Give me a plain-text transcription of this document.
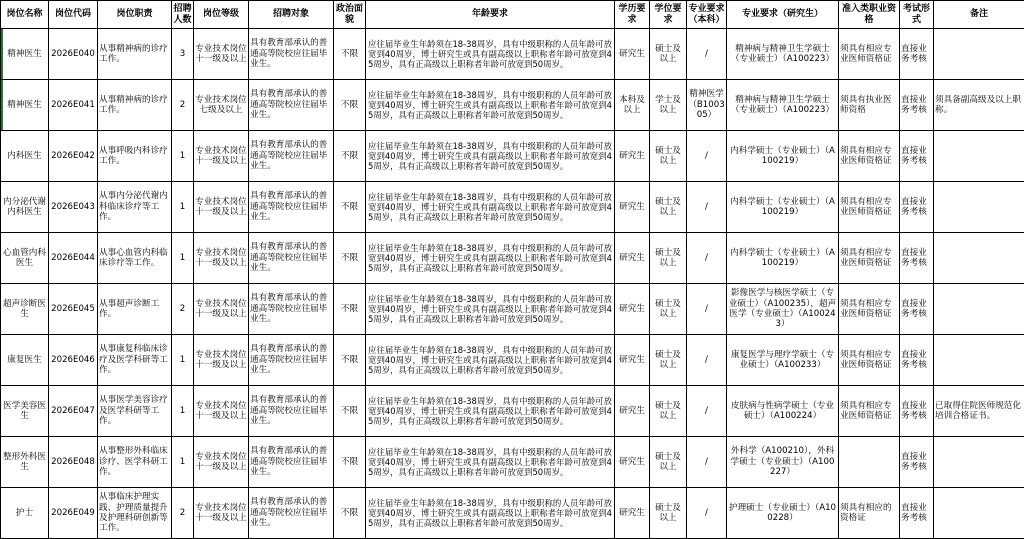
岗位名称	岗位代码	岗位职责	招聘人数	岗位等级	招聘对象	政治面貌	年龄要求	学历要求	学位要求	专业要求（本科）	专业要求（研究生）	准入类职业资格	考试形式	备注
精神医生	2026E040	从事精神病的诊疗工作。	3	专业技术岗位十一级及以上	具有教育部承认的普通高等院校应往届毕业生。	不限	应往届毕业生年龄须在18-38周岁，具有中级职称的人员年龄可放宽到40周岁，博士研究生或具有副高级以上职称者年龄可放宽到45周岁，具有正高级以上职称者年龄可放宽到50周岁。	研究生	硕士及以上	/	精神病与精神卫生学硕士（专业硕士）（A100223）	须具有相应专业医师资格证	直接业务考核	
精神医生	2026E041	从事精神病的诊疗工作。	2	专业技术岗位七级及以上	具有教育部承认的普通高等院校应往届毕业生。	不限	应往届毕业生年龄须在18-38周岁，具有中级职称的人员年龄可放宽到40周岁，博士研究生或具有副高级以上职称者年龄可放宽到45周岁，具有正高级以上职称者年龄可放宽到50周岁。	本科及以上	学士及以上	精神医学（B100305）	精神病与精神卫生学硕士（专业硕士）（A100223）	须具有执业医师资格	直接业务考核	须具备副高级及以上职称。
内科医生	2026E042	从事呼吸内科诊疗工作。	1	专业技术岗位十一级及以上	具有教育部承认的普通高等院校应往届毕业生。	不限	应往届毕业生年龄须在18-38周岁，具有中级职称的人员年龄可放宽到40周岁，博士研究生或具有副高级以上职称者年龄可放宽到45周岁，具有正高级以上职称者年龄可放宽到50周岁。	研究生	硕士及以上	/	内科学硕士（专业硕士）（A100219）	须具有相应专业医师资格证	直接业务考核	
内分泌代谢内科医生	2026E043	从事内分泌代谢内科临床诊疗等工作。	1	专业技术岗位十一级及以上	具有教育部承认的普通高等院校应往届毕业生。	不限	应往届毕业生年龄须在18-38周岁，具有中级职称的人员年龄可放宽到40周岁，博士研究生或具有副高级以上职称者年龄可放宽到45周岁，具有正高级以上职称者年龄可放宽到50周岁。	研究生	硕士及以上	/	内科学硕士（专业硕士）（A100219）	须具有相应专业医师资格证	直接业务考核	
心血管内科医生	2026E044	从事心血管内科临床诊疗等工作。	1	专业技术岗位十一级及以上	具有教育部承认的普通高等院校应往届毕业生。	不限	应往届毕业生年龄须在18-38周岁，具有中级职称的人员年龄可放宽到40周岁，博士研究生或具有副高级以上职称者年龄可放宽到45周岁，具有正高级以上职称者年龄可放宽到50周岁。	研究生	硕士及以上	/	内科学硕士（专业硕士）（A100219）	须具有相应专业医师资格证	直接业务考核	
超声诊断医生	2026E045	从事超声诊断工作。	2	专业技术岗位十一级及以上	具有教育部承认的普通高等院校应往届毕业生。	不限	应往届毕业生年龄须在18-38周岁，具有中级职称的人员年龄可放宽到40周岁，博士研究生或具有副高级以上职称者年龄可放宽到45周岁，具有正高级以上职称者年龄可放宽到50周岁。	研究生	硕士及以上	/	影像医学与核医学硕士（专业硕士）（A100235），超声医学（专业硕士）（A100243）	须具有相应专业医师资格证	直接业务考核	
康复医生	2026E046	从事康复科临床诊疗及医学科研等工作。	1	专业技术岗位十一级及以上	具有教育部承认的普通高等院校应往届毕业生。	不限	应往届毕业生年龄须在18-38周岁，具有中级职称的人员年龄可放宽到40周岁，博士研究生或具有副高级以上职称者年龄可放宽到45周岁，具有正高级以上职称者年龄可放宽到50周岁。	研究生	硕士及以上	/	康复医学与理疗学硕士（专业硕士）（A100233）	须具有相应专业医师资格证	直接业务考核	
医学美容医生	2026E047	从事医学美容诊疗及医学科研等工作。	1	专业技术岗位十一级及以上	具有教育部承认的普通高等院校应往届毕业生。	不限	应往届毕业生年龄须在18-38周岁，具有中级职称的人员年龄可放宽到40周岁，博士研究生或具有副高级以上职称者年龄可放宽到45周岁，具有正高级以上职称者年龄可放宽到50周岁。	研究生	硕士及以上	/	皮肤病与性病学硕士（专业硕士）（A100224）	须具有相应专业医师资格证	直接业务考核	已取得住院医师规范化培训合格证书。
整形外科医生	2026E048	从事整形外科临床诊疗、医学科研工作。	1	专业技术岗位十一级及以上	具有教育部承认的普通高等院校应往届毕业生。	不限	应往届毕业生年龄须在18-38周岁，具有中级职称的人员年龄可放宽到40周岁，博士研究生或具有副高级以上职称者年龄可放宽到45周岁，具有正高级以上职称者年龄可放宽到50周岁。	研究生	硕士及以上	/	外科学（A100210），外科学硕士（专业硕士）（A100227）		直接业务考核	
护士	2026E049	从事临床护理实践、护理质量提升及护理科研创新等工作。	2	专业技术岗位十一级及以上	具有教育部承认的普通高等院校应往届毕业生。	不限	应往届毕业生年龄须在18-38周岁，具有中级职称的人员年龄可放宽到40周岁，博士研究生或具有副高级以上职称者年龄可放宽到45周岁，具有正高级以上职称者年龄可放宽到50周岁。	研究生	硕士及以上	/	护理硕士（专业硕士）（A100228）	须具有相应的资格证	直接业务考核	
